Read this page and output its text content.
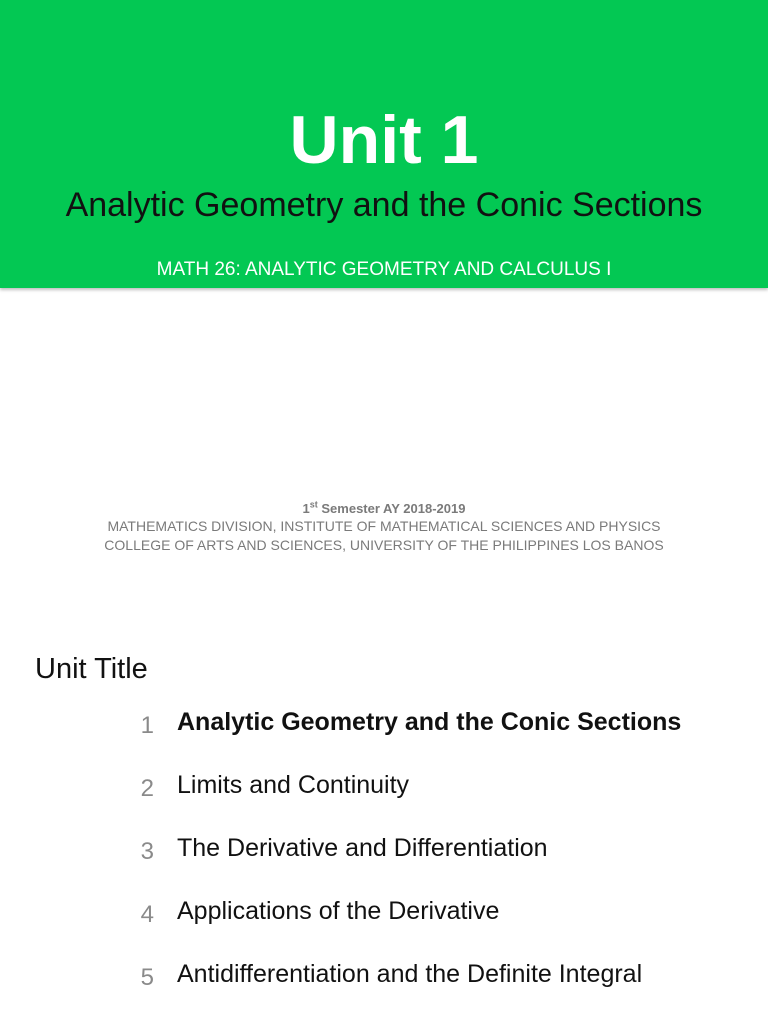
Unit 1
Analytic Geometry and the Conic Sections
MATH 26: ANALYTIC GEOMETRY AND CALCULUS I
1st Semester AY 2018-2019
MATHEMATICS DIVISION, INSTITUTE OF MATHEMATICAL SCIENCES AND PHYSICS
COLLEGE OF ARTS AND SCIENCES, UNIVERSITY OF THE PHILIPPINES LOS BANOS
Unit Title
1 Analytic Geometry and the Conic Sections
2 Limits and Continuity
3 The Derivative and Differentiation
4 Applications of the Derivative
5 Antidifferentiation and the Definite Integral
